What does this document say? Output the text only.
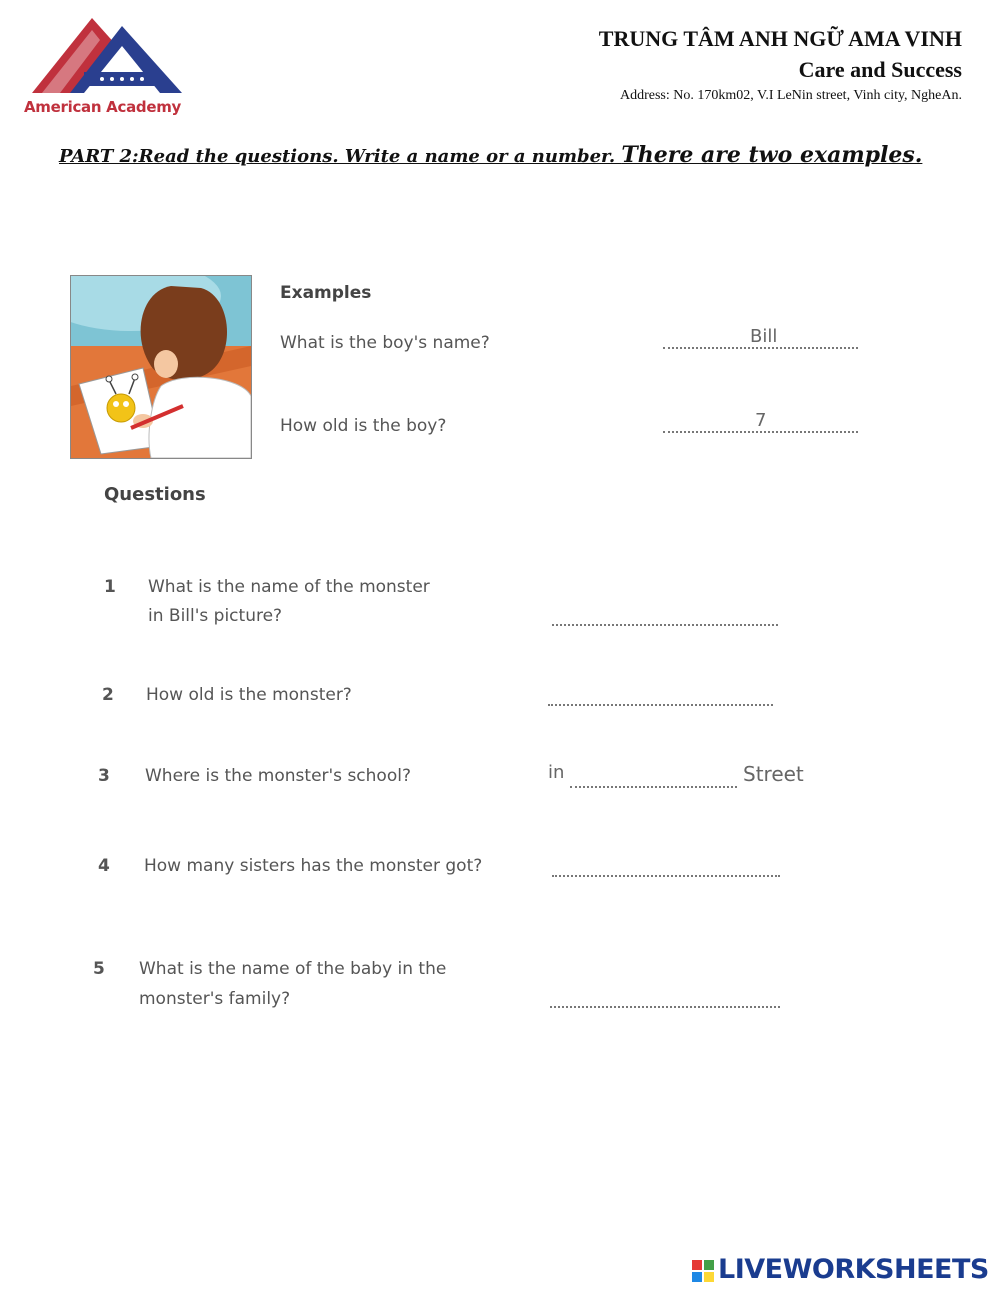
American Academy
TRUNG TÂM ANH NGỮ AMA VINH
Care and Success
Address: No. 170km02, V.I LeNin street, Vinh city, NgheAn.
PART 2:Read the questions. Write a name or a number. There are two examples.
Examples
What is the boy's name?	Bill
How old is the boy?	7
Questions
1 What is the name of the monster
in Bill's picture?
2 How old is the monster?
3 Where is the monster's school?	in	Street
4 How many sisters has the monster got?
5 What is the name of the baby in the
monster's family?
LIVEWORKSHEETS
